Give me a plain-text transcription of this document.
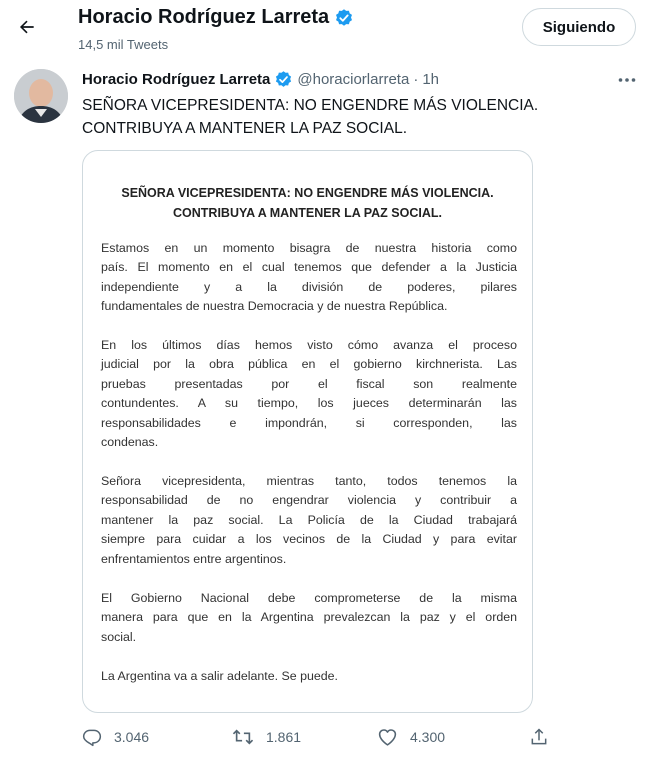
Horacio Rodríguez Larreta
14,5 mil Tweets
Siguiendo
Horacio Rodríguez Larreta @horaciorlarreta · 1h
SEÑORA VICEPRESIDENTA: NO ENGENDRE MÁS VIOLENCIA.
CONTRIBUYA A MANTENER LA PAZ SOCIAL.
SEÑORA VICEPRESIDENTA: NO ENGENDRE MÁS VIOLENCIA.
CONTRIBUYA A MANTENER LA PAZ SOCIAL.
Estamos en un momento bisagra de nuestra historia como
país. El momento en el cual tenemos que defender a la Justicia
independiente y a la división de poderes, pilares
fundamentales de nuestra Democracia y de nuestra República.
En los últimos días hemos visto cómo avanza el proceso
judicial por la obra pública en el gobierno kirchnerista. Las
pruebas presentadas por el fiscal son realmente
contundentes. A su tiempo, los jueces determinarán las
responsabilidades e impondrán, si corresponden, las
condenas.
Señora vicepresidenta, mientras tanto, todos tenemos la
responsabilidad de no engendrar violencia y contribuir a
mantener la paz social. La Policía de la Ciudad trabajará
siempre para cuidar a los vecinos de la Ciudad y para evitar
enfrentamientos entre argentinos.
El Gobierno Nacional debe comprometerse de la misma
manera para que en la Argentina prevalezcan la paz y el orden
social.
La Argentina va a salir adelante. Se puede.
3.046	1.861	4.300
